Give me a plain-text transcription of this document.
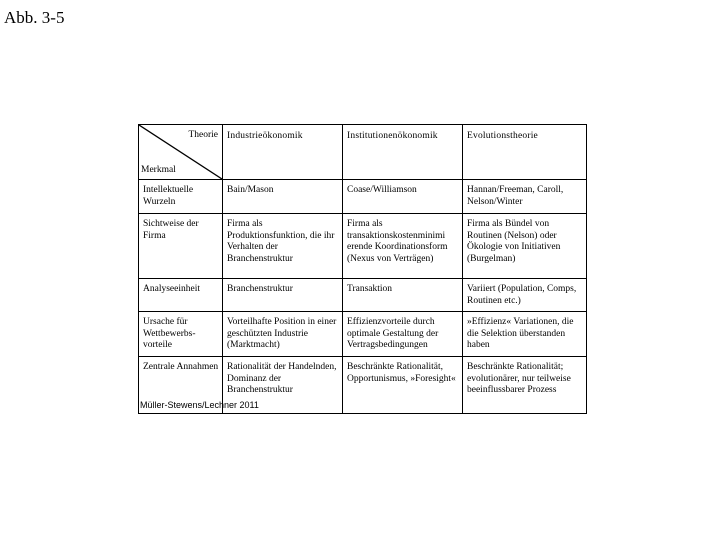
Abb. 3-5

Theorie

Merkmal	Industrieökonomik	Institutionenökonomik	Evolutionstheorie
Intellektuelle Wurzeln	Bain/Mason	Coase/Williamson	Hannan/Freeman, Caroll, Nelson/Winter
Sichtweise der Firma	Firma als Produktionsfunktion, die ihr Verhalten der Branchenstruktur	Firma als transaktionskostenminimi erende Koordinationsform (Nexus von Verträgen)	Firma als Bündel von Routinen (Nelson) oder Ökologie von Initiativen (Burgelman)
Analyseeinheit	Branchenstruktur	Transaktion	Variiert (Population, Comps, Routinen etc.)
Ursache für Wettbewerbs-
vorteile	Vorteilhafte Position in einer geschützten Industrie (Marktmacht)	Effizienzvorteile durch optimale Gestaltung der Vertragsbedingungen	»Effizienz« Variationen, die die Selektion überstanden haben
Zentrale Annahmen	Rationalität der Handelnden, Dominanz der Branchenstruktur	Beschränkte Rationalität, Opportunismus, »Foresight«	Beschränkte Rationalität; evolutionärer, nur teilweise beeinflussbarer Prozess
Müller-Stewens/Lechner 2011
